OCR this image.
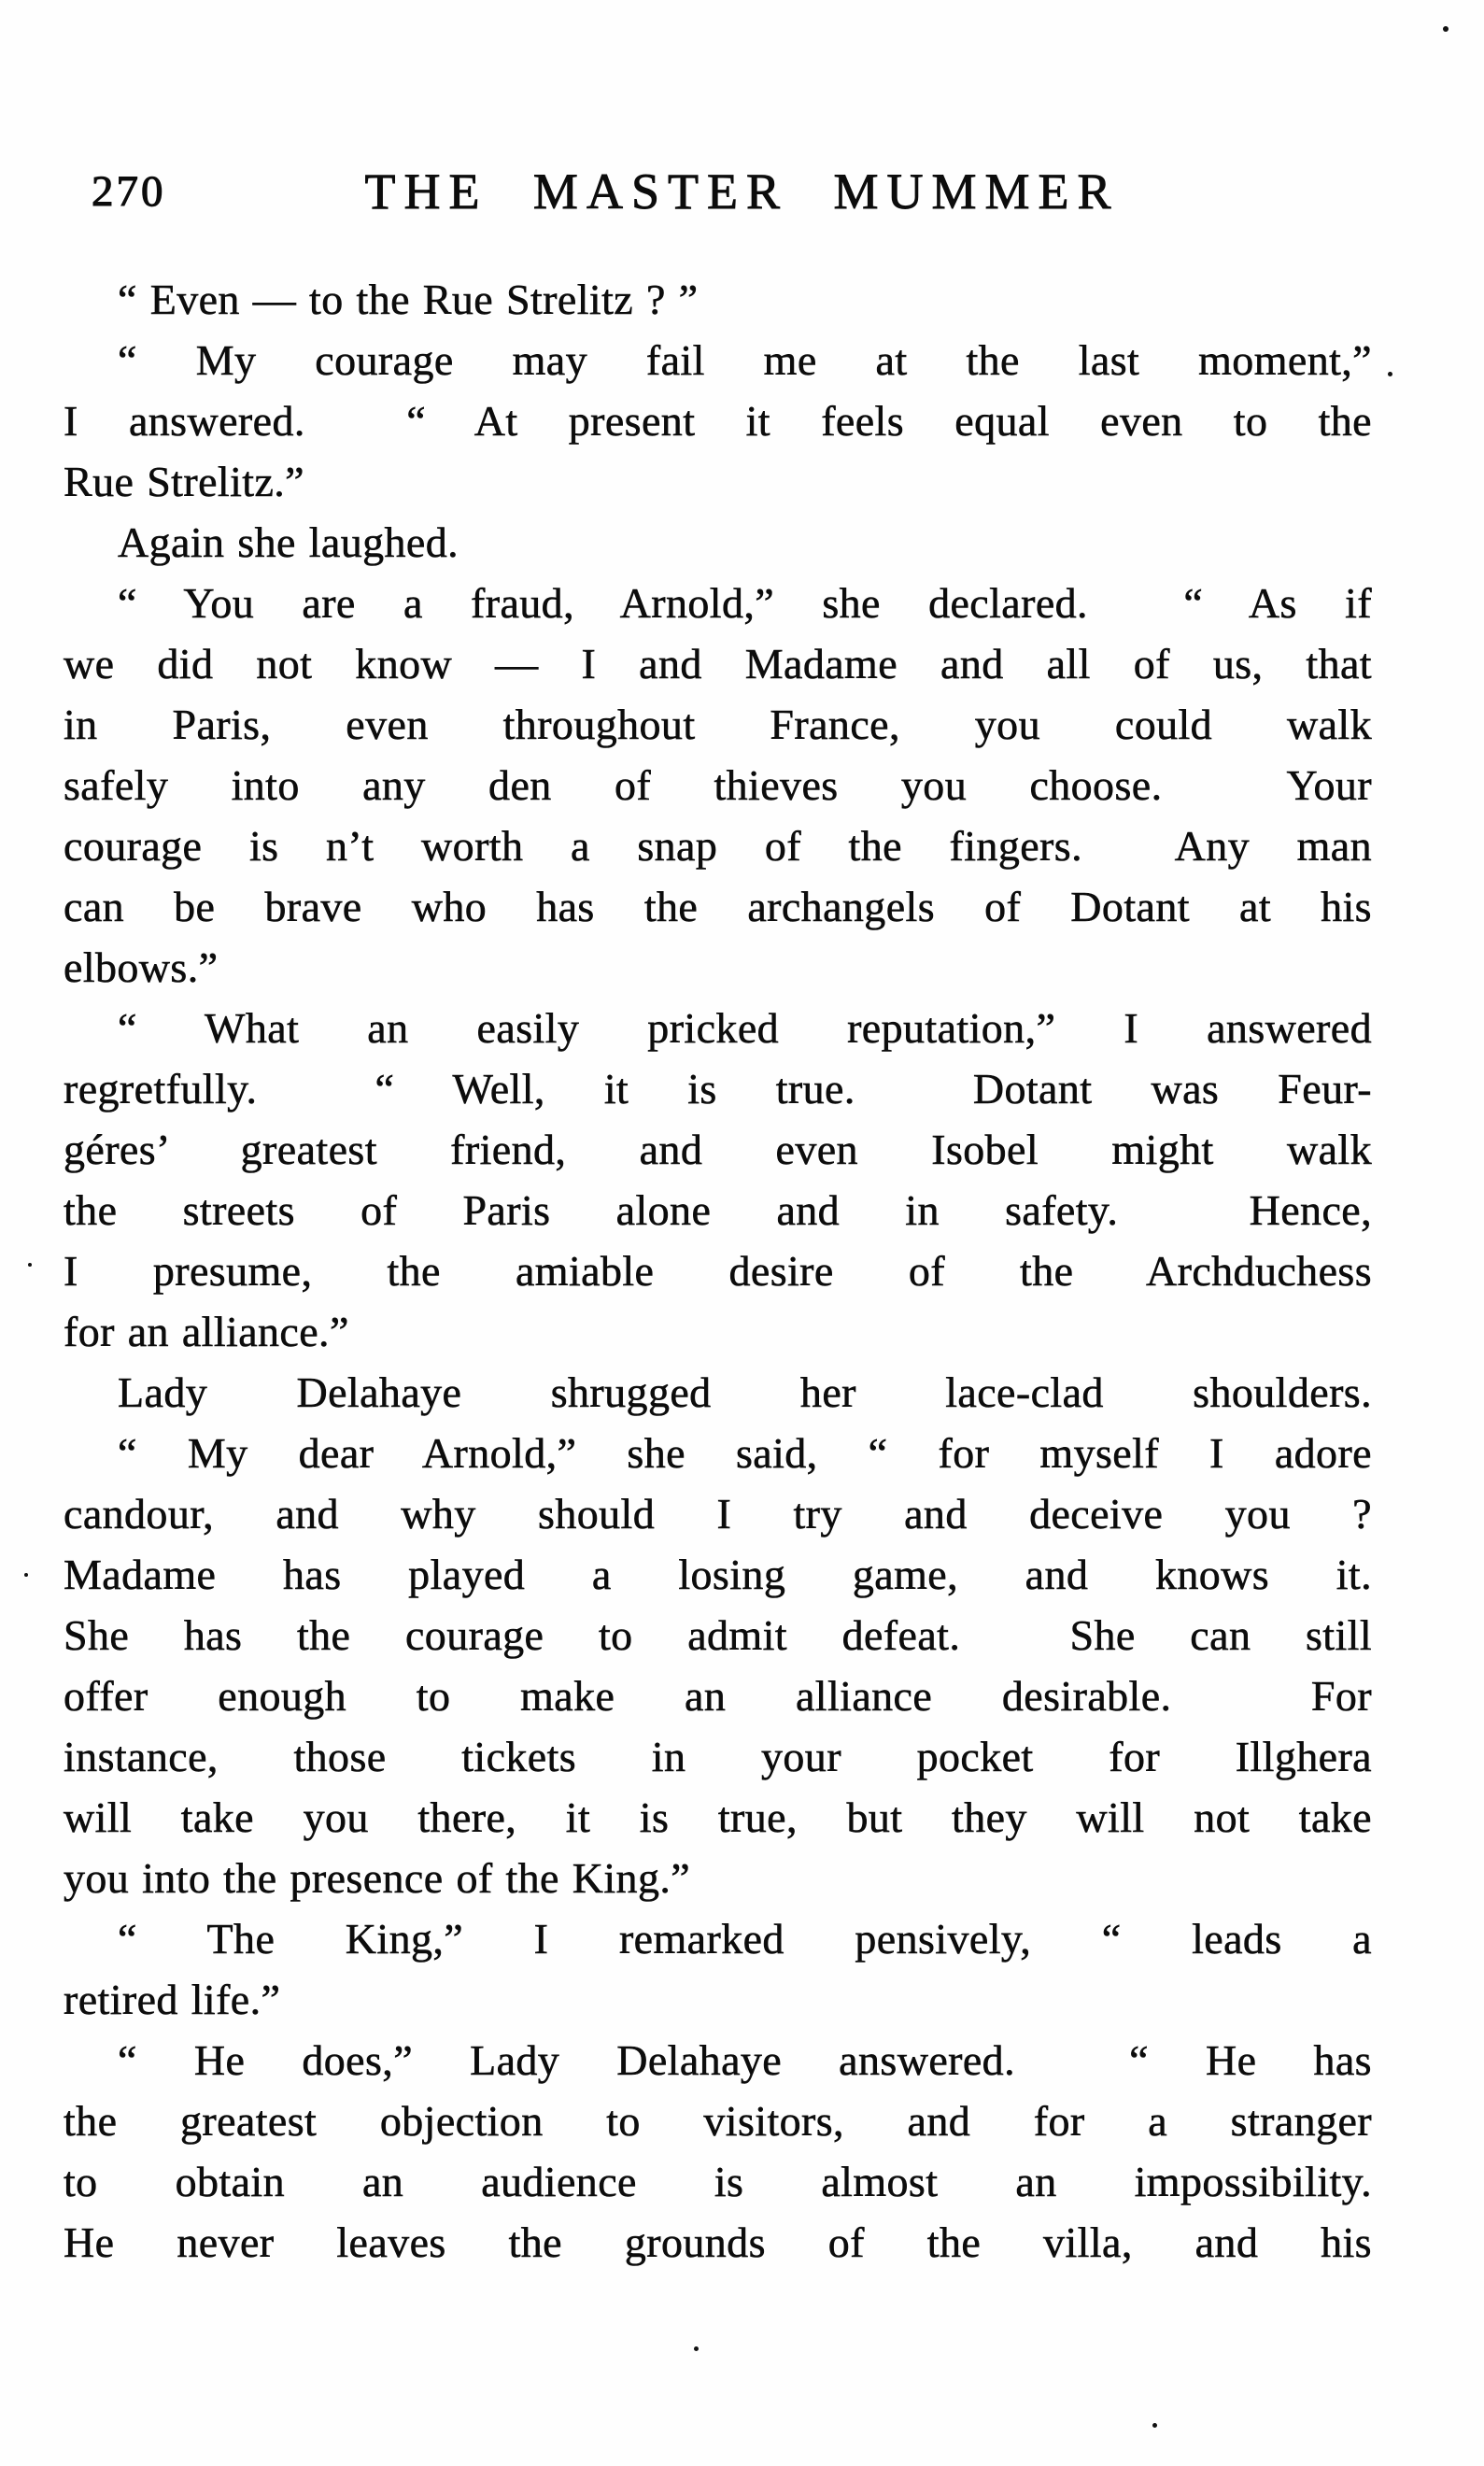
270	THE MASTER MUMMER
“ Even — to the Rue Strelitz ? ”
“ My courage may fail me at the last moment,”
I answered.  “ At present it feels equal even to the
Rue Strelitz.”
Again she laughed.
“ You are a fraud, Arnold,” she declared.  “ As if
we did not know — I and Madame and all of us, that
in Paris, even throughout France, you could walk
safely into any den of thieves you choose.  Your
courage is n’t worth a snap of the fingers.  Any man
can be brave who has the archangels of Dotant at his
elbows.”
“ What an easily pricked reputation,” I answered
regretfully.  “ Well, it is true.  Dotant was Feur-
géres’ greatest friend, and even Isobel might walk
the streets of Paris alone and in safety.  Hence,
I presume, the amiable desire of the Archduchess
for an alliance.”
Lady Delahaye shrugged her lace-clad shoulders.
“ My dear Arnold,” she said, “ for myself I adore
candour, and why should I try and deceive you ?
Madame has played a losing game, and knows it.
She has the courage to admit defeat.  She can still
offer enough to make an alliance desirable.  For
instance, those tickets in your pocket for Illghera
will take you there, it is true, but they will not take
you into the presence of the King.”
“ The King,” I remarked pensively, “ leads a
retired life.”
“ He does,” Lady Delahaye answered.  “ He has
the greatest objection to visitors, and for a stranger
to obtain an audience is almost an impossibility.
He never leaves the grounds of the villa, and his
